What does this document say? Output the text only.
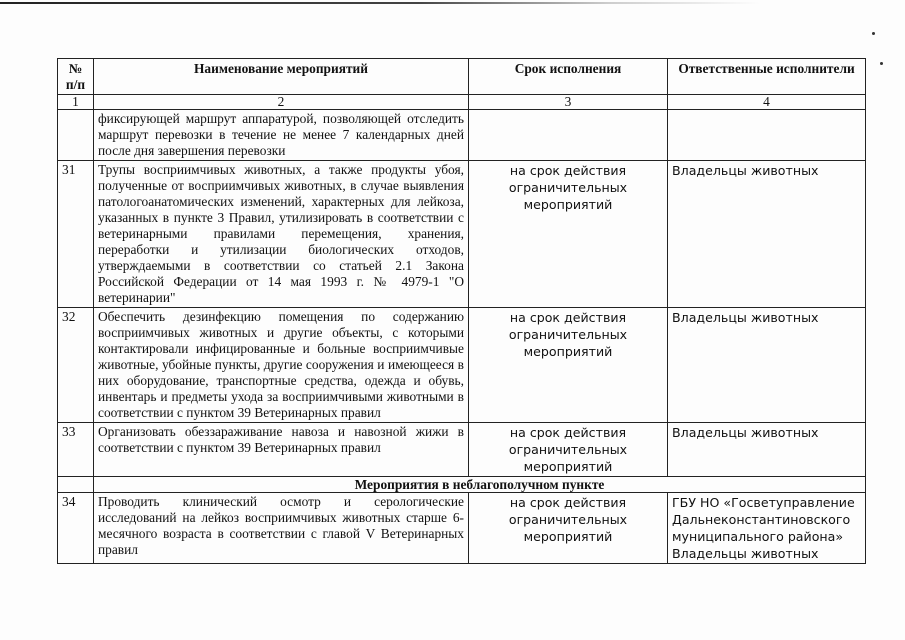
№ п/п	Наименование мероприятий	Срок исполнения	Ответственные исполнители
1	2	3	4
	фиксирующей маршрут аппаратурой, позволяющей отследить маршрут перевозки в течение не менее 7 календарных дней после дня завершения перевозки		
31	Трупы восприимчивых животных, а также продукты убоя, полученные от восприимчивых животных, в случае выявления патологоанатомических изменений, характерных для лейкоза, указанных в пункте 3 Правил, утилизировать в соответствии с ветеринарными правилами перемещения, хранения, переработки и утилизации биологических отходов, утверждаемыми в соответствии со статьей 2.1 Закона Российской Федерации от 14 мая 1993 г. № 4979-1 "О ветеринарии"	на срок действия ограничительных мероприятий	Владельцы животных
32	Обеспечить дезинфекцию помещения по содержанию восприимчивых животных и другие объекты, с которыми контактировали инфицированные и больные восприимчивые животные, убойные пункты, другие сооружения и имеющееся в них оборудование, транспортные средства, одежда и обувь, инвентарь и предметы ухода за восприимчивыми животными в соответствии с пунктом 39 Ветеринарных правил	на срок действия ограничительных мероприятий	Владельцы животных
33	Организовать обеззараживание навоза и навозной жижи в соответствии с пунктом 39 Ветеринарных правил	на срок действия ограничительных мероприятий	Владельцы животных
	Мероприятия в неблагополучном пункте		
34	Проводить клинический осмотр и серологические исследований на лейкоз восприимчивых животных старше 6-месячного возраста в соответствии с главой V Ветеринарных правил	на срок действия ограничительных мероприятий	ГБУ НО «Госветуправление Дальнеконстантиновского муниципального района» Владельцы животных
